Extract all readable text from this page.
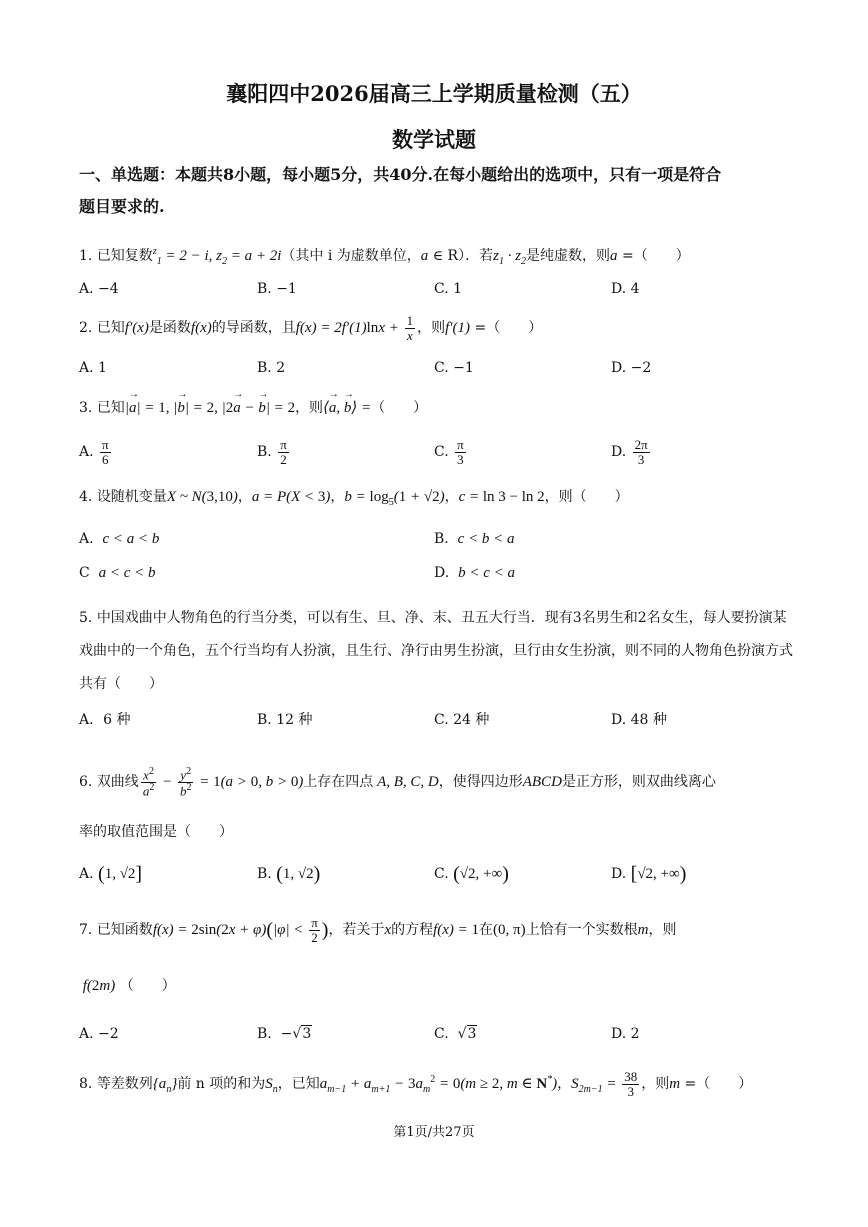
襄阳四中2026届高三上学期质量检测（五）
数学试题
一、单选题：本题共8小题，每小题5分，共40分.在每小题给出的选项中，只有一项是符合
题目要求的.
1. 已知复数$^z_1$ = 2 − i, $z_2 = a + 2i$（其中 i 为虚数单位，a ∈ R）．若$z_1 \cdot z_2$是纯虚数，则a =（　　）
A. −4	B. −1	C. 1	D. 4
2. 已知f′(x)是函数f(x)的导函数，且$f(x) = 2f'(1)\ln x + \frac{1}{x}$ ，则f′(1) =（　　）
A. 1	B. 2	C. −1	D. −2
3. 已知|→ a| = 1, |→ b| = 2, |2→ a − → b| = 2，则⟨→ a, → b⟩ =（　　）
A. $\frac{\pi}{6}$	B. $\frac{\pi}{2}$	C. $\frac{\pi}{3}$	D. $\frac{2\pi}{3}$
4. 设随机变量X ~ N(3,10)，a = P(X < 3)，$b = \log_5(1 + √2)$，c = ln 3 − ln 2，则（　　）
A. c < a < b	B. c < b < a
C a < c < b	D. b < c < a
5. 中国戏曲中人物角色的行当分类，可以有生、旦、净、末、丑五大行当．现有3名男生和2名女生，每人要扮演某戏曲中的一个角色，五个行当均有人扮演，且生行、净行由男生扮演，旦行由女生扮演，则不同的人物角色扮演方式共有（　　）
A．6 种	B. 12 种	C. 24 种	D. 48 种
6. 双曲线 $\frac{x^2}{a^2} - \frac{y^2}{b^2} = 1(a > 0$, b > 0)上存在四点 A, B, C, D，使得四边形ABCD是正方形，则双曲线离心
率的取值范围是（　　）
A. (1, √2]	B. (1, √2)	C. (√2, +∞)	D. [√2, +∞)
7. 已知函数$f(x) = 2\sin(2x + \varphi)(|\varphi| < \frac{\pi}{2}$ )，若关于x的方程f(x) = 1在(0, π)上恰有一个实数根m，则
f(2m) （　　）
A. −2	B.  −√3	C. √3	D. 2
8. 等差数列$\{a_n\}$前 n 项的和为$S_n$，已知$a_{m-1} + a_{m+1} - 3a_m^2 = 0(m \ge 2$, m ∈ N*)，$S_{2m-1} = \frac{38}{3}$ ，则m =（　　）
第1页/共27页
